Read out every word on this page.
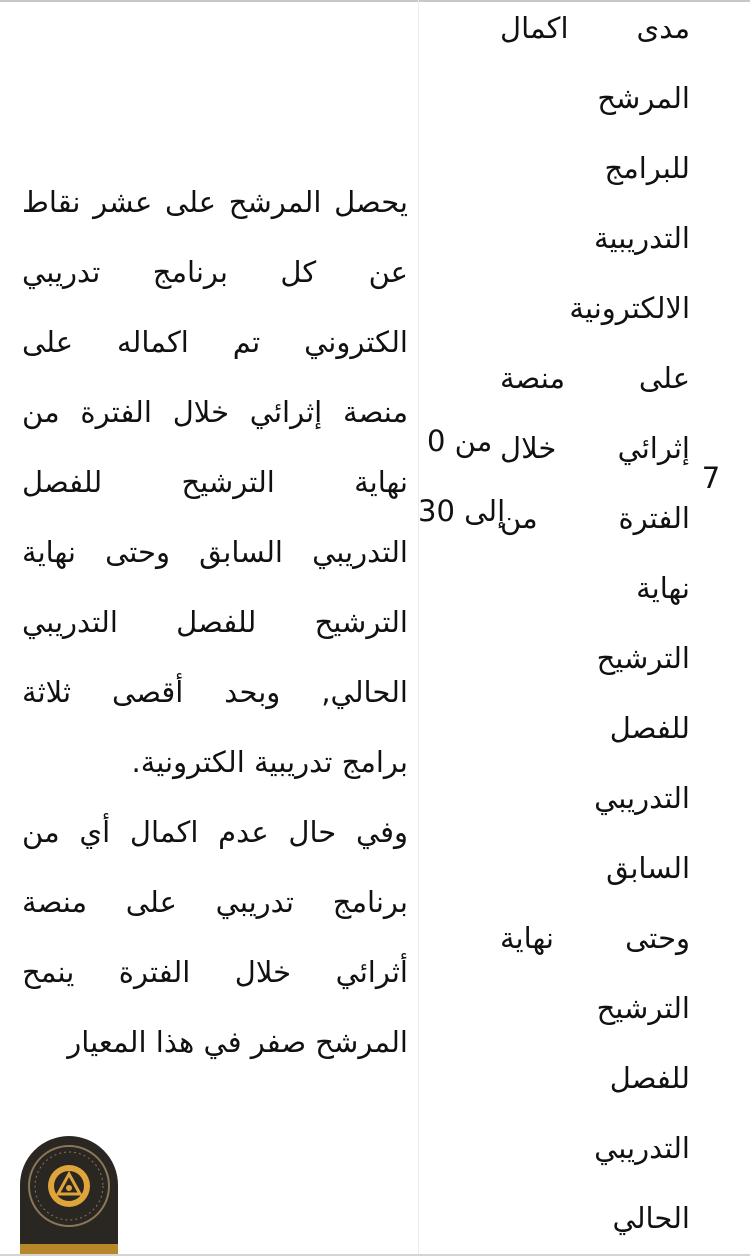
7
مدى
اكمال
المرشح
للبرامج
التدريبية
الالكترونية
على
منصة
إثرائي
خلال
الفترة
من
نهاية
الترشيح
للفصل
التدريبي
السابق
وحتى
نهاية
الترشيح
للفصل
التدريبي
الحالي
من 0
إلى 30
يحصل
المرشح
على
عشر
نقاط
عن
كل
برنامج
تدريبي
الكتروني
تم
اكماله
على
منصة
إثرائي
خلال
الفترة
من
نهاية
الترشيح
للفصل
التدريبي
السابق
وحتى
نهاية
الترشيح
للفصل
التدريبي
الحالي,
وبحد
أقصى
ثلاثة
برامج تدريبية الكترونية.
وفي
حال
عدم
اكمال
أي
من
برنامج
تدريبي
على
منصة
أثرائي
خلال
الفترة
ينمح
المرشح صفر في هذا المعيار
